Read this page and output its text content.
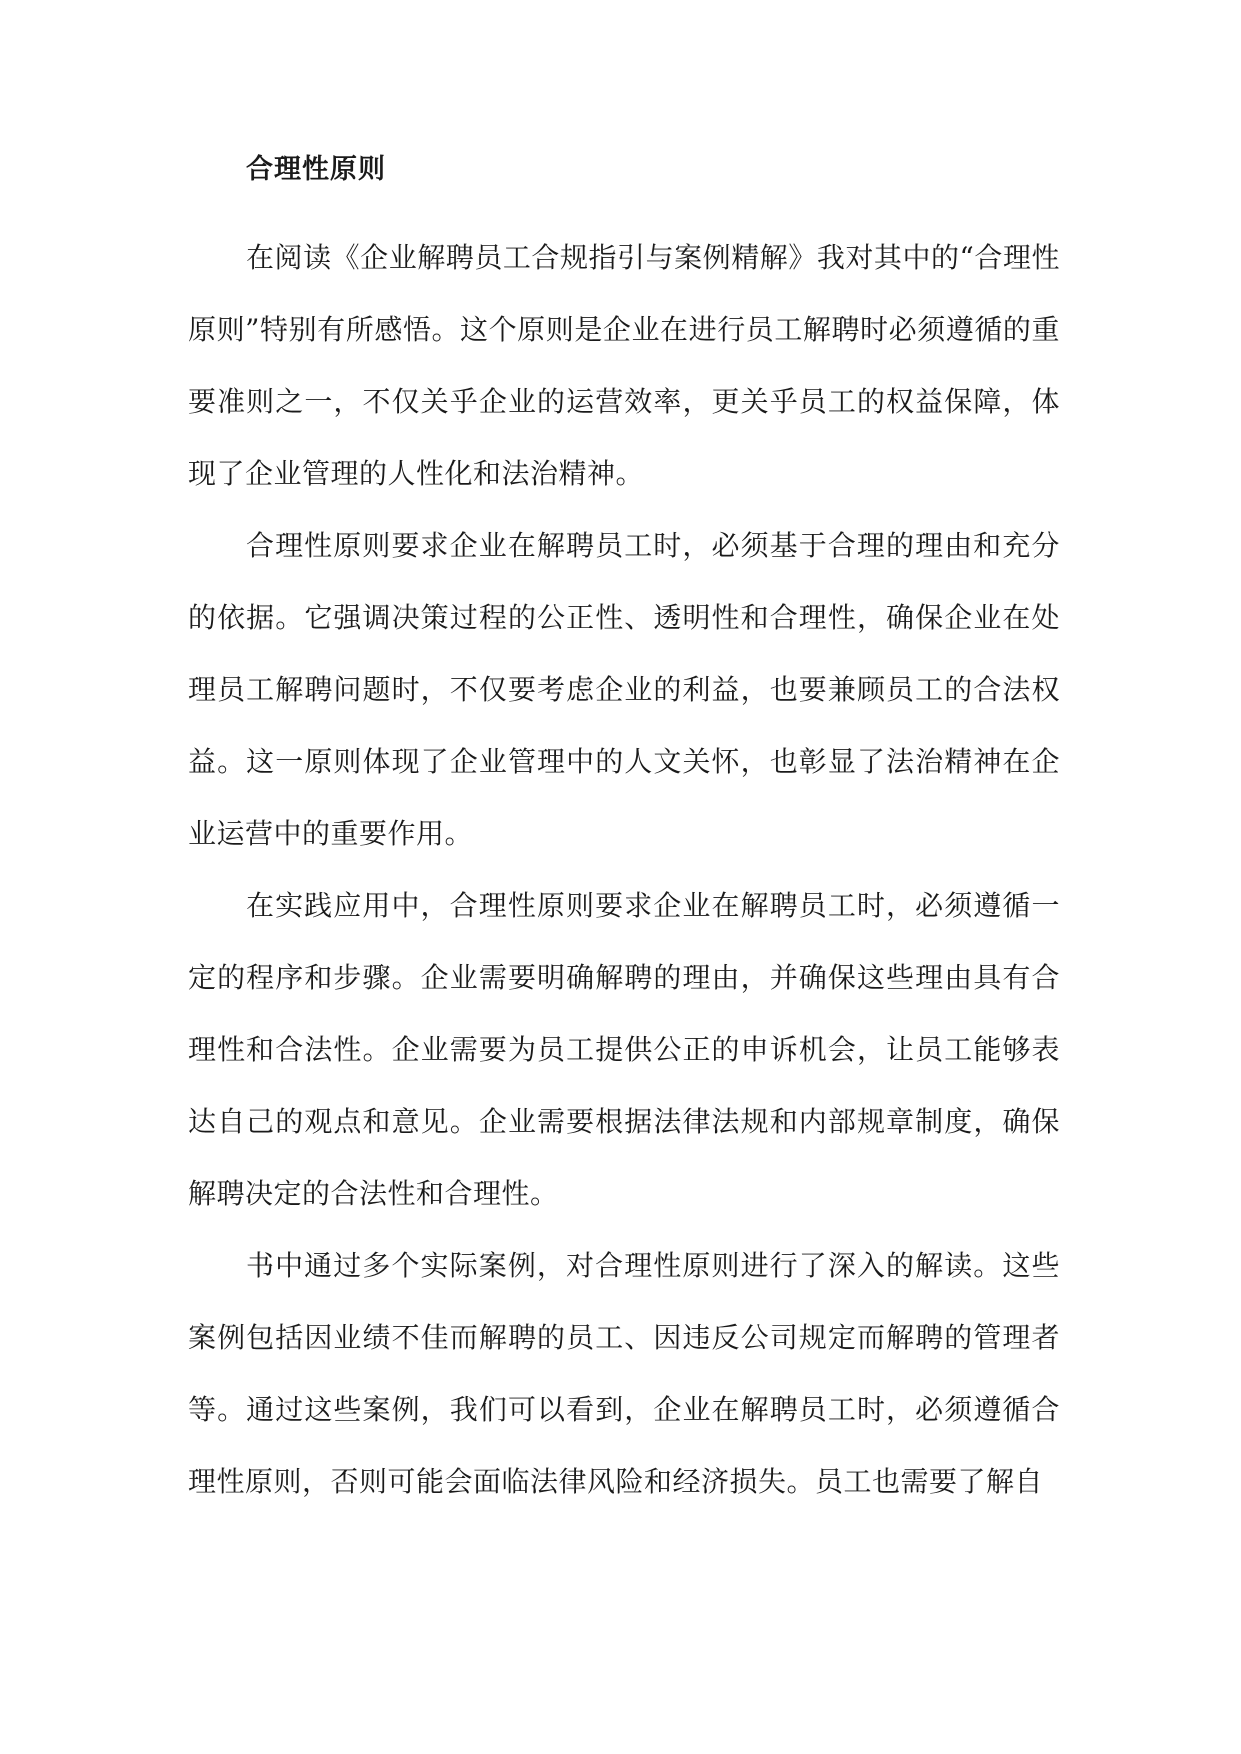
合理性原则

在阅读《企业解聘员工合规指引与案例精解》我对其中的“合理性原则”特别有所感悟。这个原则是企业在进行员工解聘时必须遵循的重要准则之一，不仅关乎企业的运营效率，更关乎员工的权益保障，体现了企业管理的人性化和法治精神。

合理性原则要求企业在解聘员工时，必须基于合理的理由和充分的依据。它强调决策过程的公正性、透明性和合理性，确保企业在处理员工解聘问题时，不仅要考虑企业的利益，也要兼顾员工的合法权益。这一原则体现了企业管理中的人文关怀，也彰显了法治精神在企业运营中的重要作用。

在实践应用中，合理性原则要求企业在解聘员工时，必须遵循一定的程序和步骤。企业需要明确解聘的理由，并确保这些理由具有合理性和合法性。企业需要为员工提供公正的申诉机会，让员工能够表达自己的观点和意见。企业需要根据法律法规和内部规章制度，确保解聘决定的合法性和合理性。

书中通过多个实际案例，对合理性原则进行了深入的解读。这些案例包括因业绩不佳而解聘的员工、因违反公司规定而解聘的管理者等。通过这些案例，我们可以看到，企业在解聘员工时，必须遵循合理性原则，否则可能会面临法律风险和经济损失。员工也需要了解自
